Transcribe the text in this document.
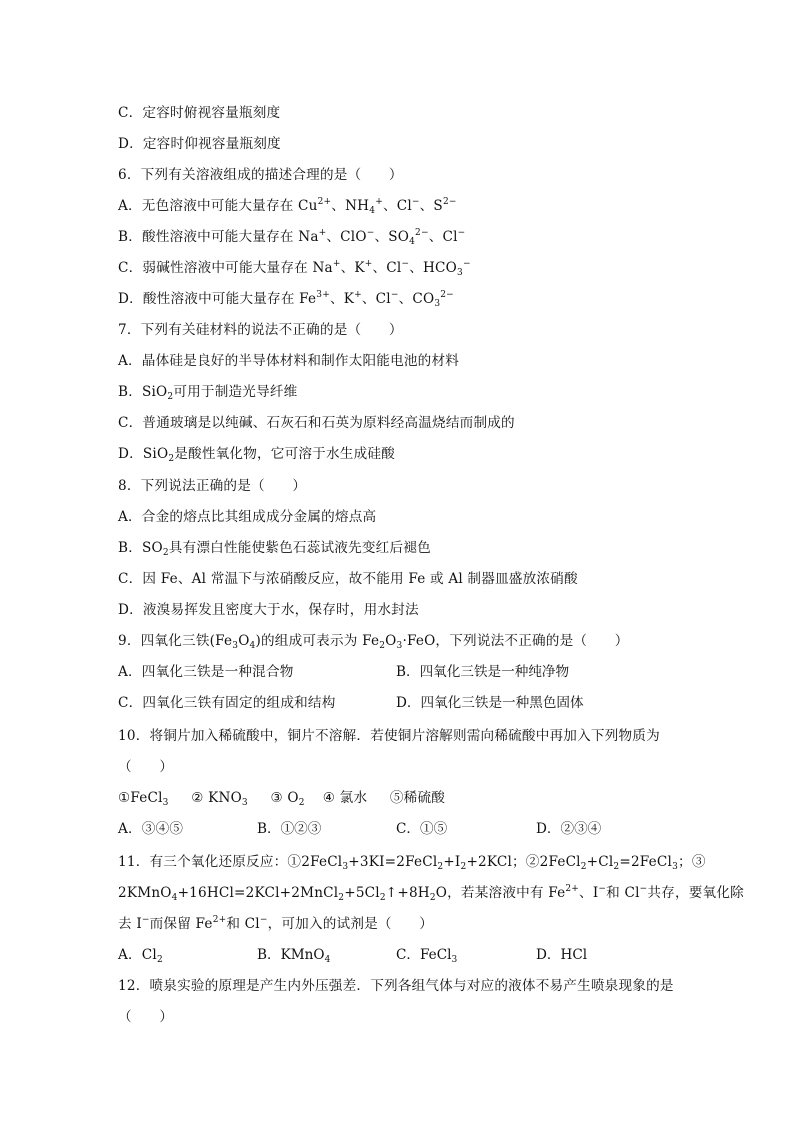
C．定容时俯视容量瓶刻度
D．定容时仰视容量瓶刻度
6．下列有关溶液组成的描述合理的是（　　）
A．无色溶液中可能大量存在 $Cu^{2+}$、$NH_4^+$、Cl−、$S^{2-}$
B．酸性溶液中可能大量存在 Na+、ClO−、$SO_4^{2-}$、Cl−
C．弱碱性溶液中可能大量存在 Na+、K+、Cl−、$HCO_3^-$
D．酸性溶液中可能大量存在 $Fe^{3+}$、K+、Cl−、$CO_3^{2-}$
7．下列有关硅材料的说法不正确的是（　　）
A．晶体硅是良好的半导体材料和制作太阳能电池的材料
B．SiO$_2$可用于制造光导纤维
C．普通玻璃是以纯碱、石灰石和石英为原料经高温烧结而制成的
D．SiO$_2$是酸性氧化物，它可溶于水生成硅酸
8．下列说法正确的是（　　）
A．合金的熔点比其组成成分金属的熔点高
B．$SO_2$具有漂白性能使紫色石蕊试液先变红后褪色
C．因 Fe、Al 常温下与浓硝酸反应，故不能用 Fe 或 Al 制器皿盛放浓硝酸
D．液溴易挥发且密度大于水，保存时，用水封法
9．四氧化三铁$(Fe_3O_4)$的组成可表示为 $Fe_2O_3\cdot FeO$，下列说法不正确的是（　　）
A．四氧化三铁是一种混合物	B．四氧化三铁是一种纯净物
C．四氧化三铁有固定的组成和结构	D．四氧化三铁是一种黑色固体
10．将铜片加入稀硫酸中，铜片不溶解．若使铜片溶解则需向稀硫酸中再加入下列物质为
（　　）
①FeCl$_3$ ② $KNO_3$ ③ $O_2$ ④ 氯水 ⑤稀硫酸
A．③④⑤	B．①②③	C．①⑤	D．②③④
11．有三个氧化还原反应：$①2FeCl_3+3KI=2FeCl_2+I_2+2KCl$；$②2FeCl_2+Cl_2=2FeCl_3$；③
$2KMnO_4+16HCl=2KCl+2MnCl_2+5Cl_2↑+8H_2O$，若某溶液中有 $Fe^{2+}$、I−和 Cl−共存，要氧化除
去 I−而保留 $Fe^{2+}$和 Cl−，可加入的试剂是（　　）
A．$Cl_2$	B．KMnO$_4$	C．FeCl$_3$	D．HCl
12．喷泉实验的原理是产生内外压强差．下列各组气体与对应的液体不易产生喷泉现象的是
（　　）
